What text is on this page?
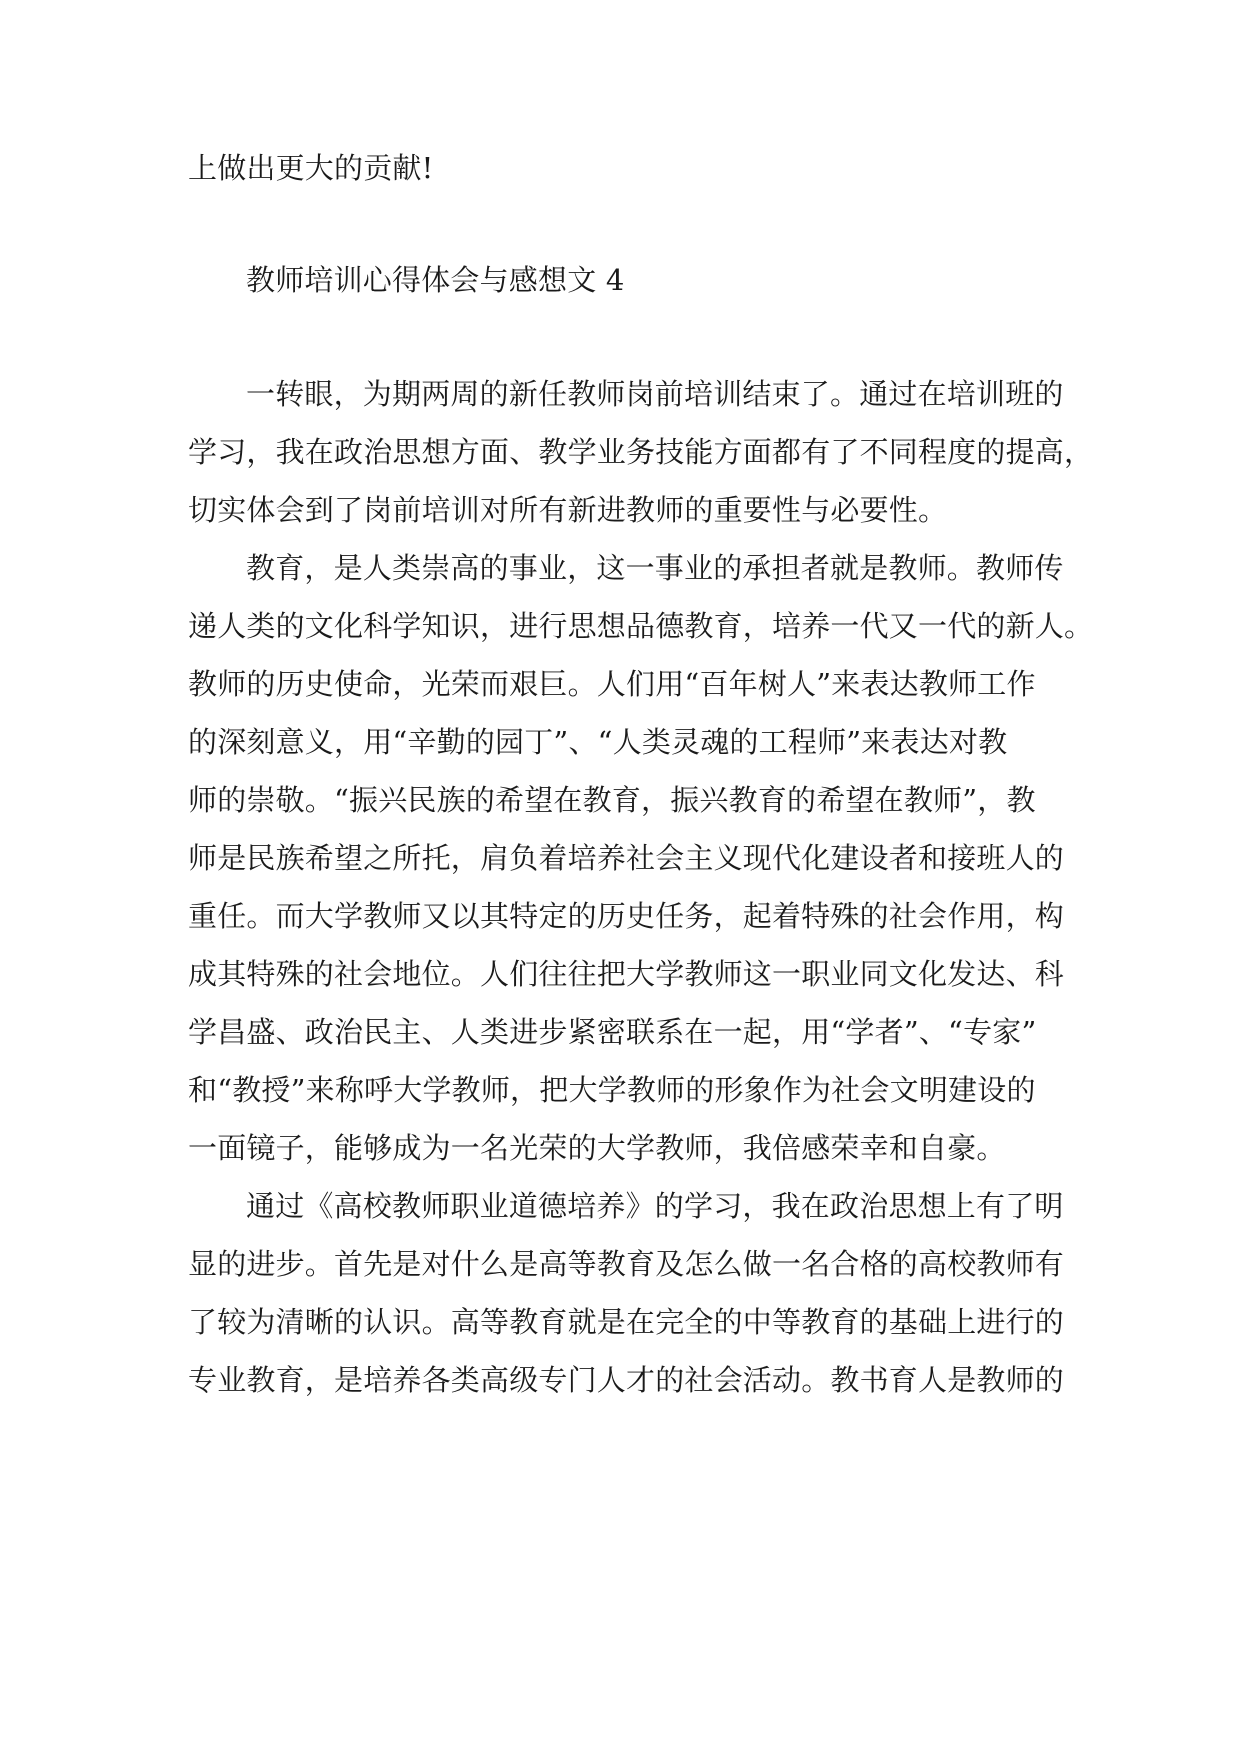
上做出更大的贡献!
教师培训心得体会与感想文 4
一转眼，为期两周的新任教师岗前培训结束了。通过在培训班的
学习，我在政治思想方面、教学业务技能方面都有了不同程度的提高，
切实体会到了岗前培训对所有新进教师的重要性与必要性。
教育，是人类崇高的事业，这一事业的承担者就是教师。教师传
递人类的文化科学知识，进行思想品德教育，培养一代又一代的新人。
教师的历史使命，光荣而艰巨。人们用“百年树人”来表达教师工作
的深刻意义，用“辛勤的园丁”、“人类灵魂的工程师”来表达对教
师的崇敬。“振兴民族的希望在教育，振兴教育的希望在教师”，教
师是民族希望之所托，肩负着培养社会主义现代化建设者和接班人的
重任。而大学教师又以其特定的历史任务，起着特殊的社会作用，构
成其特殊的社会地位。人们往往把大学教师这一职业同文化发达、科
学昌盛、政治民主、人类进步紧密联系在一起，用“学者”、“专家”
和“教授”来称呼大学教师，把大学教师的形象作为社会文明建设的
一面镜子，能够成为一名光荣的大学教师，我倍感荣幸和自豪。
通过《高校教师职业道德培养》的学习，我在政治思想上有了明
显的进步。首先是对什么是高等教育及怎么做一名合格的高校教师有
了较为清晰的认识。高等教育就是在完全的中等教育的基础上进行的
专业教育，是培养各类高级专门人才的社会活动。教书育人是教师的
